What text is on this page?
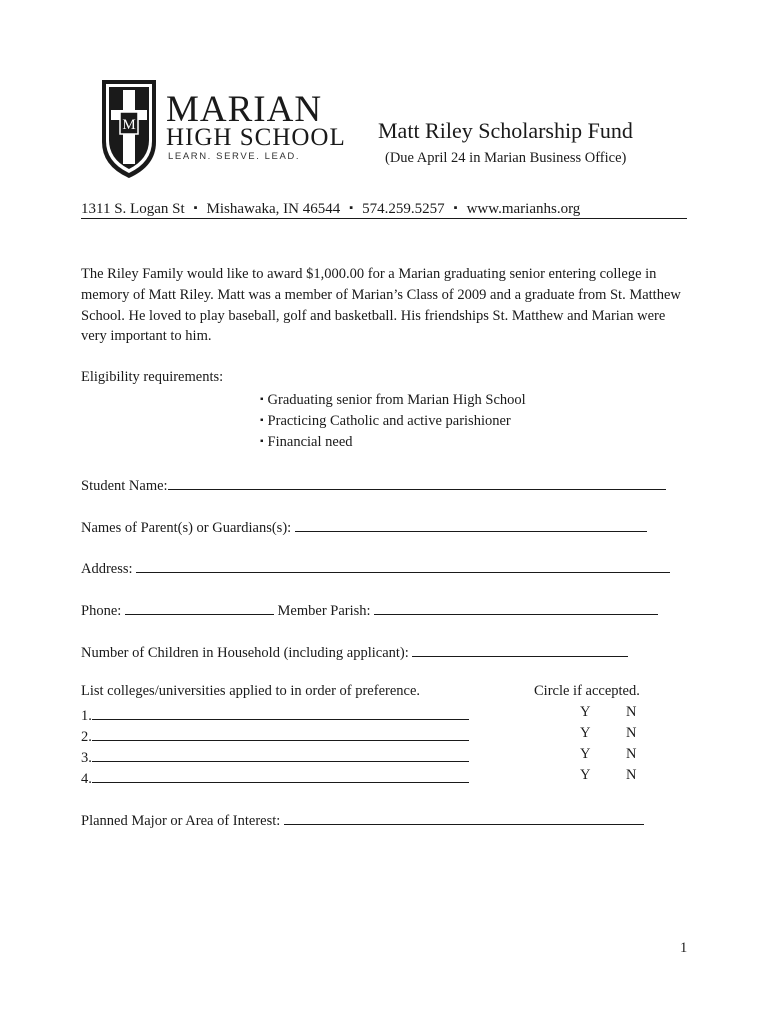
M MARIAN
HIGH SCHOOL
LEARN. SERVE. LEAD.
Matt Riley Scholarship Fund
(Due April 24 in Marian Business Office)
1311 S. Logan St ▪ Mishawaka, IN 46544 ▪ 574.259.5257 ▪ www.marianhs.org
The Riley Family would like to award $1,000.00 for a Marian graduating senior entering college in memory of Matt Riley. Matt was a member of Marian’s Class of 2009 and a graduate from St. Matthew School. He loved to play baseball, golf and basketball. His friendships St. Matthew and Marian were very important to him.
Eligibility requirements:
▪ Graduating senior from Marian High School
▪ Practicing Catholic and active parishioner
▪ Financial need
Student Name:
Names of Parent(s) or Guardians(s):
Address:
Phone:	Member Parish:
Number of Children in Household (including applicant):
List colleges/universities applied to in order of preference.	Circle if accepted.
1.
2.
3.
4.
Y N
Y N
Y N
Y N
Planned Major or Area of Interest:
1
